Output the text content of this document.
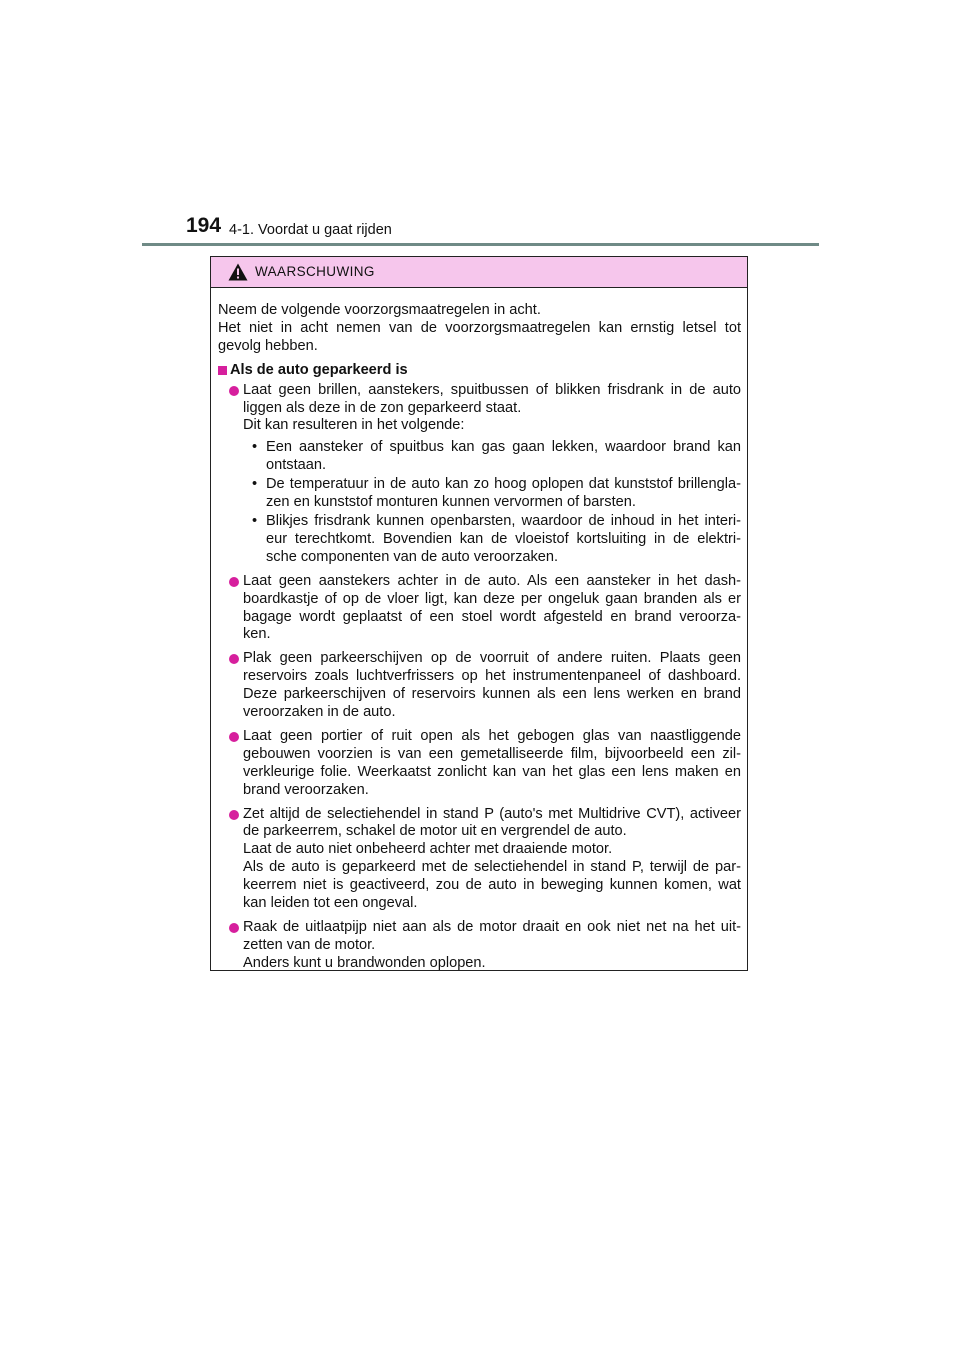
194 4-1. Voordat u gaat rijden
WAARSCHUWING
Neem de volgende voorzorgsmaatregelen in acht.
Het niet in acht nemen van de voorzorgsmaatregelen kan ernstig letsel tot
gevolg hebben.
Als de auto geparkeerd is
Laat geen brillen, aanstekers, spuitbussen of blikken frisdrank in de auto
liggen als deze in de zon geparkeerd staat.
Dit kan resulteren in het volgende:
• Een aansteker of spuitbus kan gas gaan lekken, waardoor brand kan
ontstaan.
• De temperatuur in de auto kan zo hoog oplopen dat kunststof brillengla-
zen en kunststof monturen kunnen vervormen of barsten.
• Blikjes frisdrank kunnen openbarsten, waardoor de inhoud in het interi-
eur terechtkomt. Bovendien kan de vloeistof kortsluiting in de elektri-
sche componenten van de auto veroorzaken.
Laat geen aanstekers achter in de auto. Als een aansteker in het dash-
boardkastje of op de vloer ligt, kan deze per ongeluk gaan branden als er
bagage wordt geplaatst of een stoel wordt afgesteld en brand veroorza-
ken.
Plak geen parkeerschijven op de voorruit of andere ruiten. Plaats geen
reservoirs zoals luchtverfrissers op het instrumentenpaneel of dashboard.
Deze parkeerschijven of reservoirs kunnen als een lens werken en brand
veroorzaken in de auto.
Laat geen portier of ruit open als het gebogen glas van naastliggende
gebouwen voorzien is van een gemetalliseerde film, bijvoorbeeld een zil-
verkleurige folie. Weerkaatst zonlicht kan van het glas een lens maken en
brand veroorzaken.
Zet altijd de selectiehendel in stand P (auto's met Multidrive CVT), activeer
de parkeerrem, schakel de motor uit en vergrendel de auto.
Laat de auto niet onbeheerd achter met draaiende motor.
Als de auto is geparkeerd met de selectiehendel in stand P, terwijl de par-
keerrem niet is geactiveerd, zou de auto in beweging kunnen komen, wat
kan leiden tot een ongeval.
Raak de uitlaatpijp niet aan als de motor draait en ook niet net na het uit-
zetten van de motor.
Anders kunt u brandwonden oplopen.
